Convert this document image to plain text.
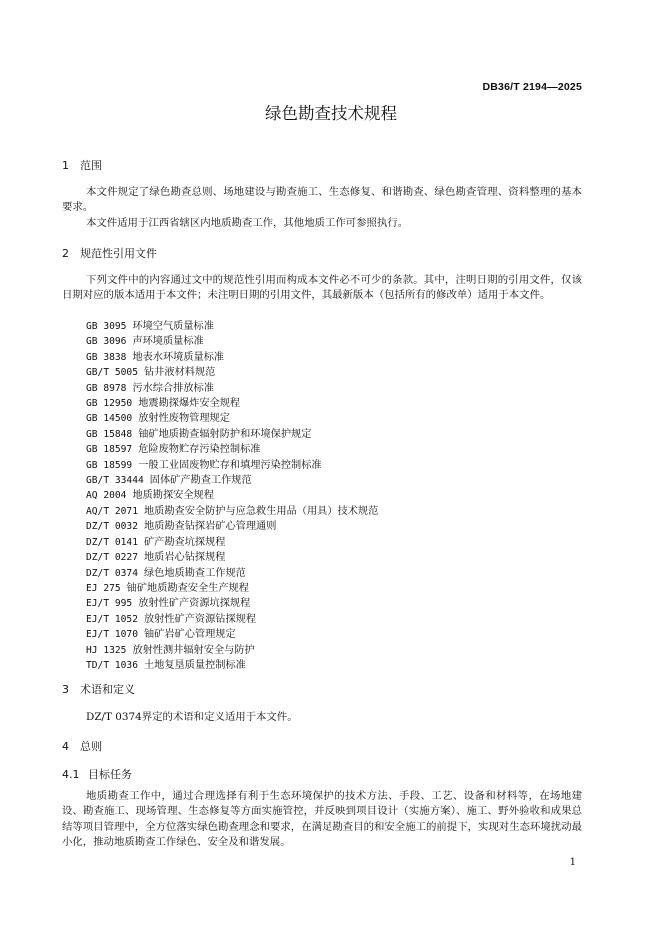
DB36/T 2194—2025
绿色勘查技术规程
1 范围
本文件规定了绿色勘查总则、场地建设与勘查施工、生态修复、和谐勘查、绿色勘查管理、资料整理的基本要求。
本文件适用于江西省辖区内地质勘查工作，其他地质工作可参照执行。
2 规范性引用文件
下列文件中的内容通过文中的规范性引用而构成本文件必不可少的条款。其中，注明日期的引用文件，仅该日期对应的版本适用于本文件；未注明日期的引用文件，其最新版本（包括所有的修改单）适用于本文件。
GB 3095 环境空气质量标准
GB 3096 声环境质量标准
GB 3838 地表水环境质量标准
GB/T 5005 钻井液材料规范
GB 8978 污水综合排放标准
GB 12950 地震勘探爆炸安全规程
GB 14500 放射性废物管理规定
GB 15848 铀矿地质勘查辐射防护和环境保护规定
GB 18597 危险废物贮存污染控制标准
GB 18599 一般工业固废物贮存和填埋污染控制标准
GB/T 33444 固体矿产勘查工作规范
AQ 2004 地质勘探安全规程
AQ/T 2071 地质勘查安全防护与应急救生用品（用具）技术规范
DZ/T 0032 地质勘查钻探岩矿心管理通则
DZ/T 0141 矿产勘查坑探规程
DZ/T 0227 地质岩心钻探规程
DZ/T 0374 绿色地质勘查工作规范
EJ 275 铀矿地质勘查安全生产规程
EJ/T 995 放射性矿产资源坑探规程
EJ/T 1052 放射性矿产资源钻探规程
EJ/T 1070 铀矿岩矿心管理规定
HJ 1325 放射性测井辐射安全与防护
TD/T 1036 土地复垦质量控制标准
3 术语和定义
DZ/T 0374界定的术语和定义适用于本文件。
4 总则
4.1 目标任务
地质勘查工作中，通过合理选择有利于生态环境保护的技术方法、手段、工艺、设备和材料等，在场地建设、勘查施工、现场管理、生态修复等方面实施管控，并反映到项目设计（实施方案）、施工、野外验收和成果总结等项目管理中，全方位落实绿色勘查理念和要求，在满足勘查目的和安全施工的前提下，实现对生态环境扰动最小化，推动地质勘查工作绿色、安全及和谐发展。
1
